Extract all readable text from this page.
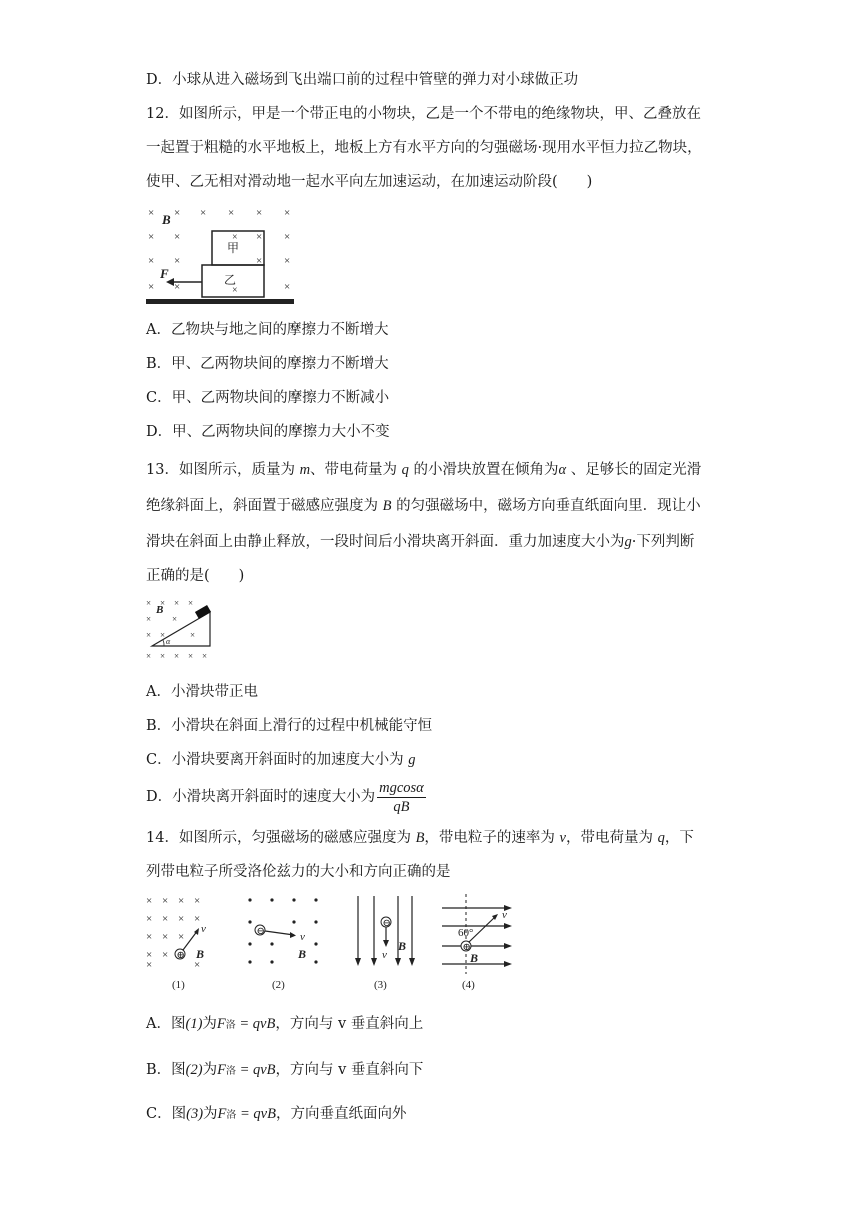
D．小球从进入磁场到飞出端口前的过程中管壁的弹力对小球做正功
12．如图所示，甲是一个带正电的小物块，乙是一个不带电的绝缘物块，甲、乙叠放在
一起置于粗糙的水平地板上，地板上方有水平方向的匀强磁场·现用水平恒力拉乙物块，
使甲、乙无相对滑动地一起水平向左加速运动，在加速运动阶段(　　)
× × × × × ×
× ×	× ×
× ×	× ×
× ×	×
B
甲
×
乙
×
F
A．乙物块与地之间的摩擦力不断增大
B．甲、乙两物块间的摩擦力不断增大
C．甲、乙两物块间的摩擦力不断减小
D．甲、乙两物块间的摩擦力大小不变
13．如图所示，质量为 m、带电荷量为 q 的小滑块放置在倾角为α 、足够长的固定光滑
绝缘斜面上，斜面置于磁感应强度为 B 的匀强磁场中，磁场方向垂直纸面向里．现让小
滑块在斜面上由静止释放，一段时间后小滑块离开斜面．重力加速度大小为g·下列判断
正确的是(　　)
× × × ×
× ×
× ×	×
× × × × ×
B
α
A．小滑块带正电
B．小滑块在斜面上滑行的过程中机械能守恒
C．小滑块要离开斜面时的加速度大小为 g
D．小滑块离开斜面时的速度大小为 $\frac{mgcos\alpha}{qB}$
14．如图所示，匀强磁场的磁感应强度为 B，带电粒子的速率为 v，带电荷量为 q，下
列带电粒子所受洛伦兹力的大小和方向正确的是
× × × ×
× × × ×
× × ×
× ×
×	×
⊕
v
B
(1)
⊖	v
B
(2)
⊖
v
B
(3)
⊕
v
60°
B
(4)
A．图(1)为F洛 = qvB，方向与 v 垂直斜向上
B．图(2)为F洛 = qvB，方向与 v 垂直斜向下
C．图(3)为F洛 = qvB，方向垂直纸面向外
